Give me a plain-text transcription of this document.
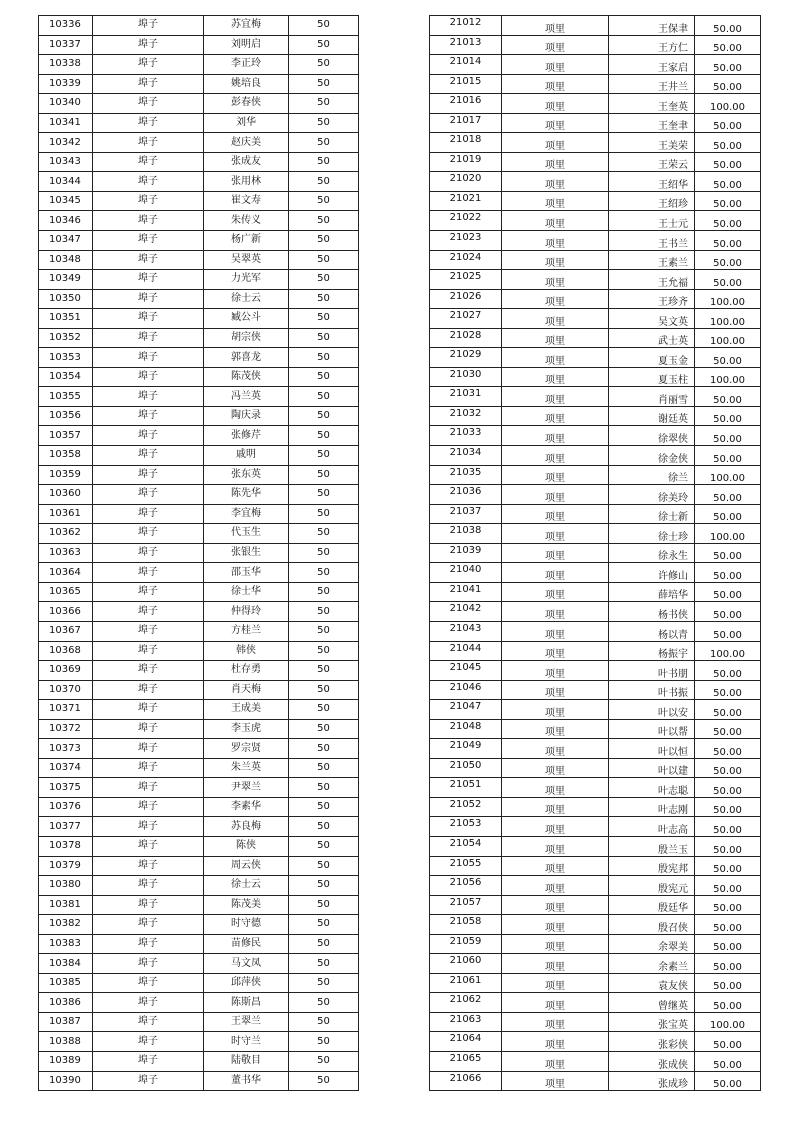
10336	埠子	苏宜梅	50
10337	埠子	刘明启	50
10338	埠子	李正玲	50
10339	埠子	姚培良	50
10340	埠子	彭春侠	50
10341	埠子	刘华	50
10342	埠子	赵庆美	50
10343	埠子	张成友	50
10344	埠子	张用林	50
10345	埠子	崔文寿	50
10346	埠子	朱传义	50
10347	埠子	杨广新	50
10348	埠子	吴翠英	50
10349	埠子	力光军	50
10350	埠子	徐士云	50
10351	埠子	臧公斗	50
10352	埠子	胡宗侠	50
10353	埠子	郭喜龙	50
10354	埠子	陈茂侠	50
10355	埠子	冯兰英	50
10356	埠子	陶庆录	50
10357	埠子	张修芹	50
10358	埠子	戚明	50
10359	埠子	张东英	50
10360	埠子	陈先华	50
10361	埠子	李宜梅	50
10362	埠子	代玉生	50
10363	埠子	张银生	50
10364	埠子	邵玉华	50
10365	埠子	徐士华	50
10366	埠子	仲得玲	50
10367	埠子	方桂兰	50
10368	埠子	韩侠	50
10369	埠子	杜存勇	50
10370	埠子	肖天梅	50
10371	埠子	王成美	50
10372	埠子	李玉虎	50
10373	埠子	罗宗贤	50
10374	埠子	朱兰英	50
10375	埠子	尹翠兰	50
10376	埠子	李素华	50
10377	埠子	苏良梅	50
10378	埠子	陈侠	50
10379	埠子	周云侠	50
10380	埠子	徐士云	50
10381	埠子	陈茂美	50
10382	埠子	时守德	50
10383	埠子	苗修民	50
10384	埠子	马文凤	50
10385	埠子	邱萍侠	50
10386	埠子	陈斯昌	50
10387	埠子	王翠兰	50
10388	埠子	时守兰	50
10389	埠子	陆敬目	50
10390	埠子	董书华	50
21012	项里	王保聿	50.00
21013	项里	王方仁	50.00
21014	项里	王家启	50.00
21015	项里	王井兰	50.00
21016	项里	王奎英	100.00
21017	项里	王奎聿	50.00
21018	项里	王美荣	50.00
21019	项里	王荣云	50.00
21020	项里	王绍华	50.00
21021	项里	王绍珍	50.00
21022	项里	王士元	50.00
21023	项里	王书兰	50.00
21024	项里	王素兰	50.00
21025	项里	王允福	50.00
21026	项里	王珍齐	100.00
21027	项里	吴文英	100.00
21028	项里	武士英	100.00
21029	项里	夏玉金	50.00
21030	项里	夏玉柱	100.00
21031	项里	肖丽雪	50.00
21032	项里	谢廷英	50.00
21033	项里	徐翠侠	50.00
21034	项里	徐金侠	50.00
21035	项里	徐兰	100.00
21036	项里	徐美玲	50.00
21037	项里	徐士新	50.00
21038	项里	徐士珍	100.00
21039	项里	徐永生	50.00
21040	项里	许修山	50.00
21041	项里	薛培华	50.00
21042	项里	杨书侠	50.00
21043	项里	杨以青	50.00
21044	项里	杨振宇	100.00
21045	项里	叶书朋	50.00
21046	项里	叶书振	50.00
21047	项里	叶以安	50.00
21048	项里	叶以帮	50.00
21049	项里	叶以恒	50.00
21050	项里	叶以建	50.00
21051	项里	叶志聪	50.00
21052	项里	叶志刚	50.00
21053	项里	叶志高	50.00
21054	项里	殷兰玉	50.00
21055	项里	殷宪邦	50.00
21056	项里	殷宪元	50.00
21057	项里	殷廷华	50.00
21058	项里	殷召侠	50.00
21059	项里	余翠美	50.00
21060	项里	余素兰	50.00
21061	项里	袁友侠	50.00
21062	项里	曾继英	50.00
21063	项里	张宝英	100.00
21064	项里	张彩侠	50.00
21065	项里	张成侠	50.00
21066	项里	张成珍	50.00
